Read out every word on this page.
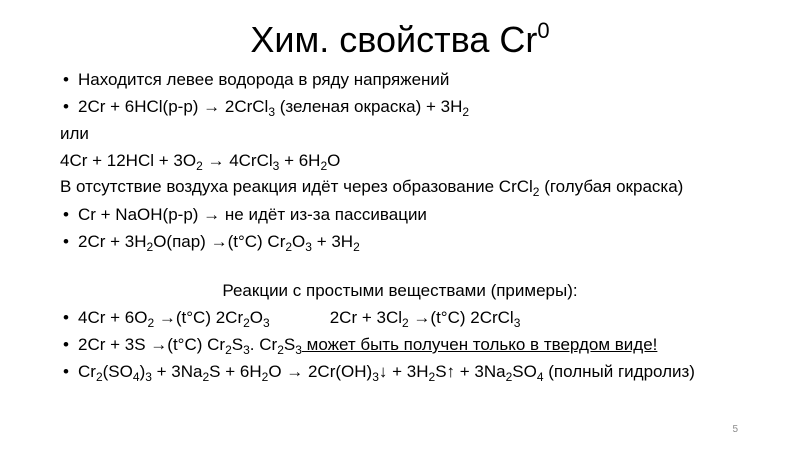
Хим. свойства Cr$^0$
• Находится левее водорода в ряду напряжений
• 2Cr + 6HCl(р-р) → 2CrCl$_3$ (зеленая окраска) + $3H_2$
или
$4Cr + 12HCl + 3O_2$ → 4CrCl$_3$ + $6H_2O$
В отсутствие воздуха реакция идёт через образование CrCl$_2$ (голубая окраска)
• Cr + NaOH(р-р) → не идёт из-за пассивации
• $2Cr + 3H_2O(пар) \to(t^\circ C) Cr_2O_3 + 3H_2$
Реакции с простыми веществами (примеры):
• $4Cr + 6O_2 \to(t^\circ C)$ $2Cr_2O_3$	$2Cr + 3Cl_2 \to(t^\circ C)$ 2CrCl$_3$
• 2Cr + 3S →(t°C) $Cr_2S_3$. $Cr_2S_3$ может быть получен только в твердом виде!
• $Cr_2(SO_4)_3 + 3Na_2S + 6H_2O$ → $2Cr(OH)_3↓$ + $3H_2S↑ + 3Na_2SO_4$ (полный гидролиз)
5
